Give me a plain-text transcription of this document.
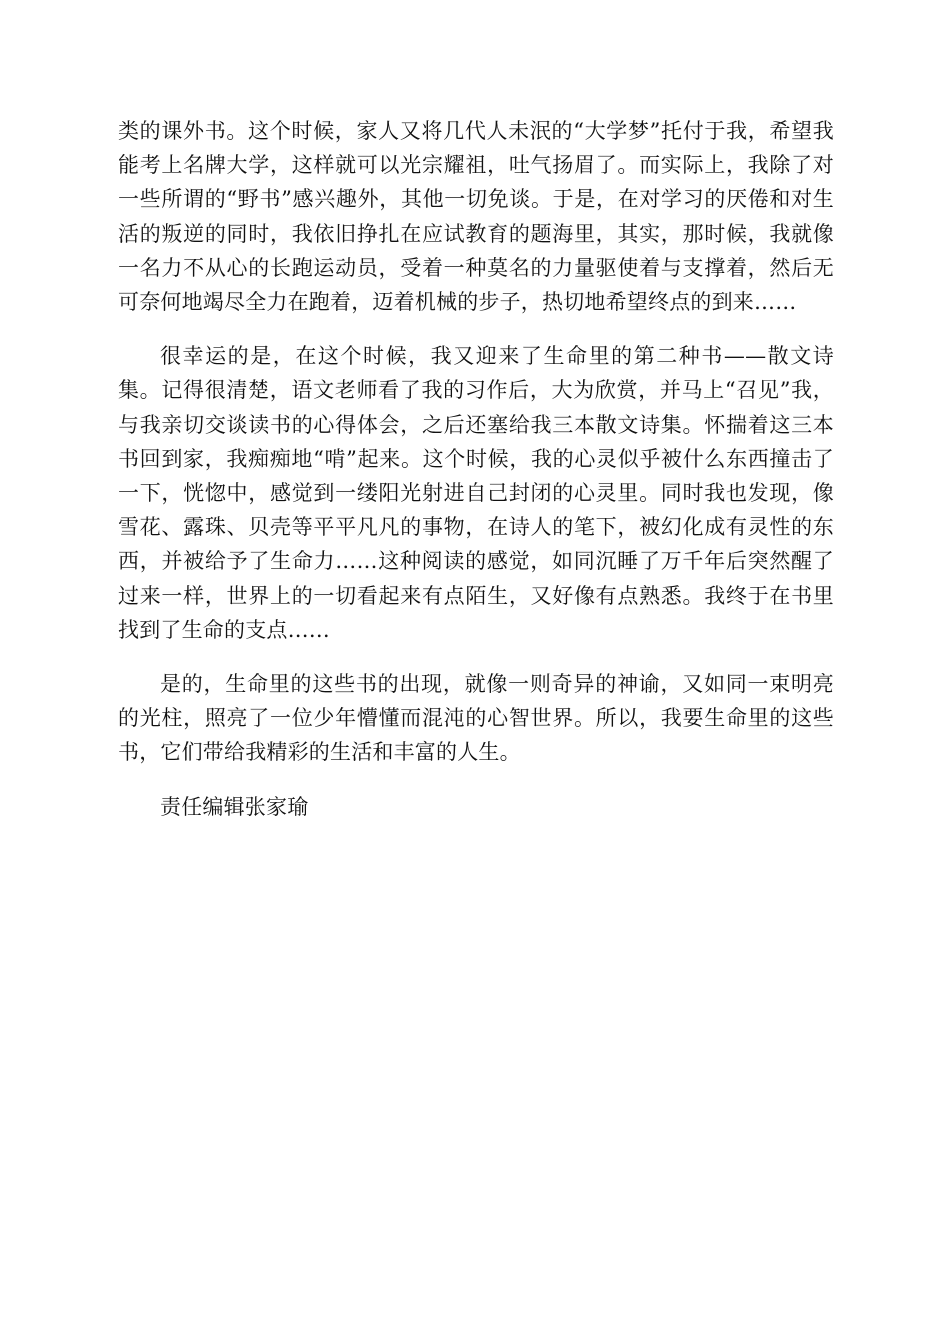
类的课外书。这个时候，家人又将几代人未泯的“大学梦”托付于我，希望我能考上名牌大学，这样就可以光宗耀祖，吐气扬眉了。而实际上，我除了对一些所谓的“野书”感兴趣外，其他一切免谈。于是，在对学习的厌倦和对生活的叛逆的同时，我依旧挣扎在应试教育的题海里，其实，那时候，我就像一名力不从心的长跑运动员，受着一种莫名的力量驱使着与支撑着，然后无可奈何地竭尽全力在跑着，迈着机械的步子，热切地希望终点的到来……

很幸运的是，在这个时候，我又迎来了生命里的第二种书——散文诗集。记得很清楚，语文老师看了我的习作后，大为欣赏，并马上“召见”我，与我亲切交谈读书的心得体会，之后还塞给我三本散文诗集。怀揣着这三本书回到家，我痴痴地“啃”起来。这个时候，我的心灵似乎被什么东西撞击了一下，恍惚中，感觉到一缕阳光射进自己封闭的心灵里。同时我也发现，像雪花、露珠、贝壳等平平凡凡的事物，在诗人的笔下，被幻化成有灵性的东西，并被给予了生命力……这种阅读的感觉，如同沉睡了万千年后突然醒了过来一样，世界上的一切看起来有点陌生，又好像有点熟悉。我终于在书里找到了生命的支点……

是的，生命里的这些书的出现，就像一则奇异的神谕，又如同一束明亮的光柱，照亮了一位少年懵懂而混沌的心智世界。所以，我要生命里的这些书，它们带给我精彩的生活和丰富的人生。

责任编辑张家瑜
